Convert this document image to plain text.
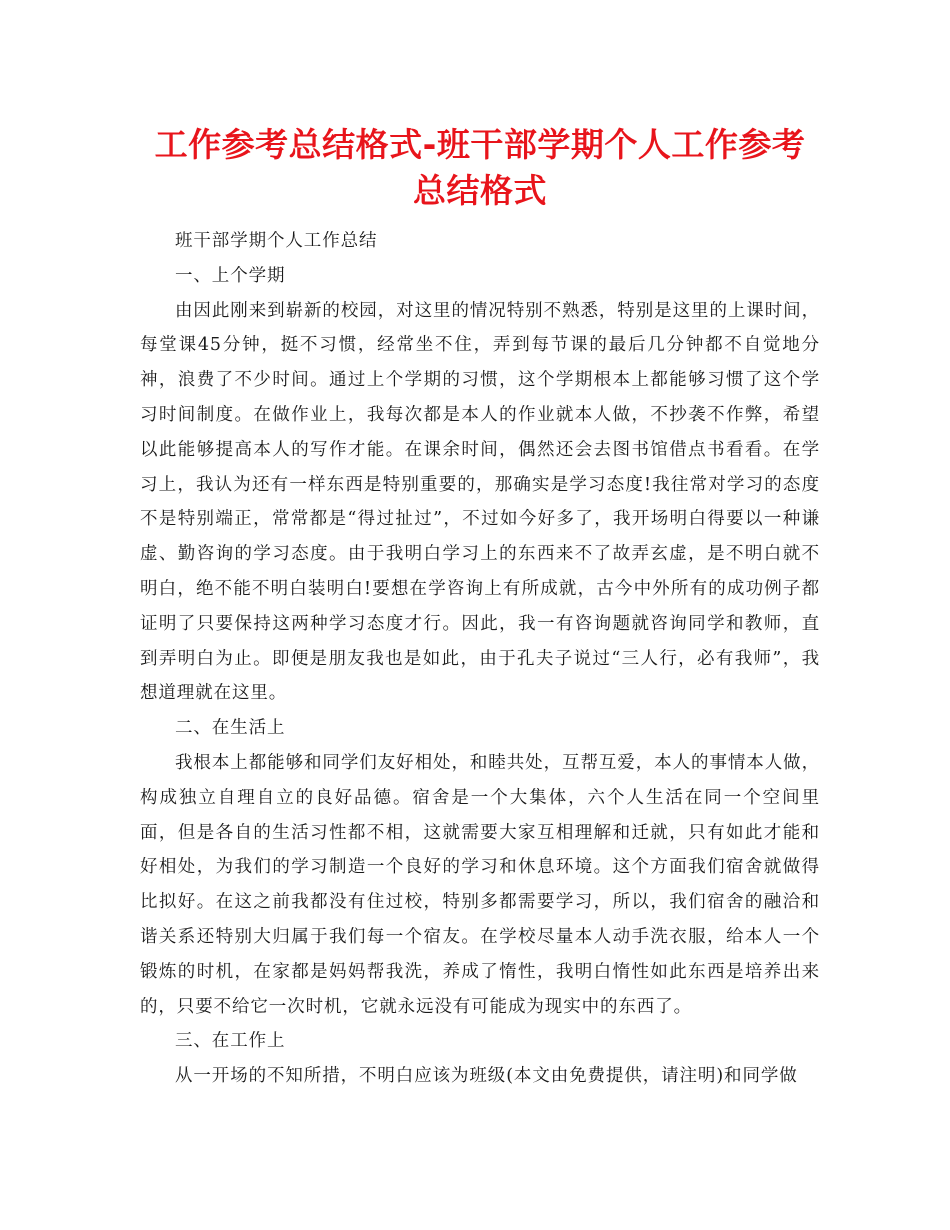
工作参考总结格式-班干部学期个人工作参考总结格式

班干部学期个人工作总结

一、上个学期

由因此刚来到崭新的校园，对这里的情况特别不熟悉，特别是这里的上课时间，每堂课45分钟，挺不习惯，经常坐不住，弄到每节课的最后几分钟都不自觉地分神，浪费了不少时间。通过上个学期的习惯，这个学期根本上都能够习惯了这个学习时间制度。在做作业上，我每次都是本人的作业就本人做，不抄袭不作弊，希望以此能够提高本人的写作才能。在课余时间，偶然还会去图书馆借点书看看。在学习上，我认为还有一样东西是特别重要的，那确实是学习态度!我往常对学习的态度不是特别端正，常常都是“得过扯过”，不过如今好多了，我开场明白得要以一种谦虚、勤咨询的学习态度。由于我明白学习上的东西来不了故弄玄虚，是不明白就不明白，绝不能不明白装明白!要想在学咨询上有所成就，古今中外所有的成功例子都证明了只要保持这两种学习态度才行。因此，我一有咨询题就咨询同学和教师，直到弄明白为止。即便是朋友我也是如此，由于孔夫子说过“三人行，必有我师”，我想道理就在这里。

二、在生活上

我根本上都能够和同学们友好相处，和睦共处，互帮互爱，本人的事情本人做，构成独立自理自立的良好品德。宿舍是一个大集体，六个人生活在同一个空间里面，但是各自的生活习性都不相，这就需要大家互相理解和迁就，只有如此才能和好相处，为我们的学习制造一个良好的学习和休息环境。这个方面我们宿舍就做得比拟好。在这之前我都没有住过校，特别多都需要学习，所以，我们宿舍的融洽和谐关系还特别大归属于我们每一个宿友。在学校尽量本人动手洗衣服，给本人一个锻炼的时机，在家都是妈妈帮我洗，养成了惰性，我明白惰性如此东西是培养出来的，只要不给它一次时机，它就永远没有可能成为现实中的东西了。

三、在工作上

从一开场的不知所措，不明白应该为班级(本文由免费提供，请注明)和同学做
